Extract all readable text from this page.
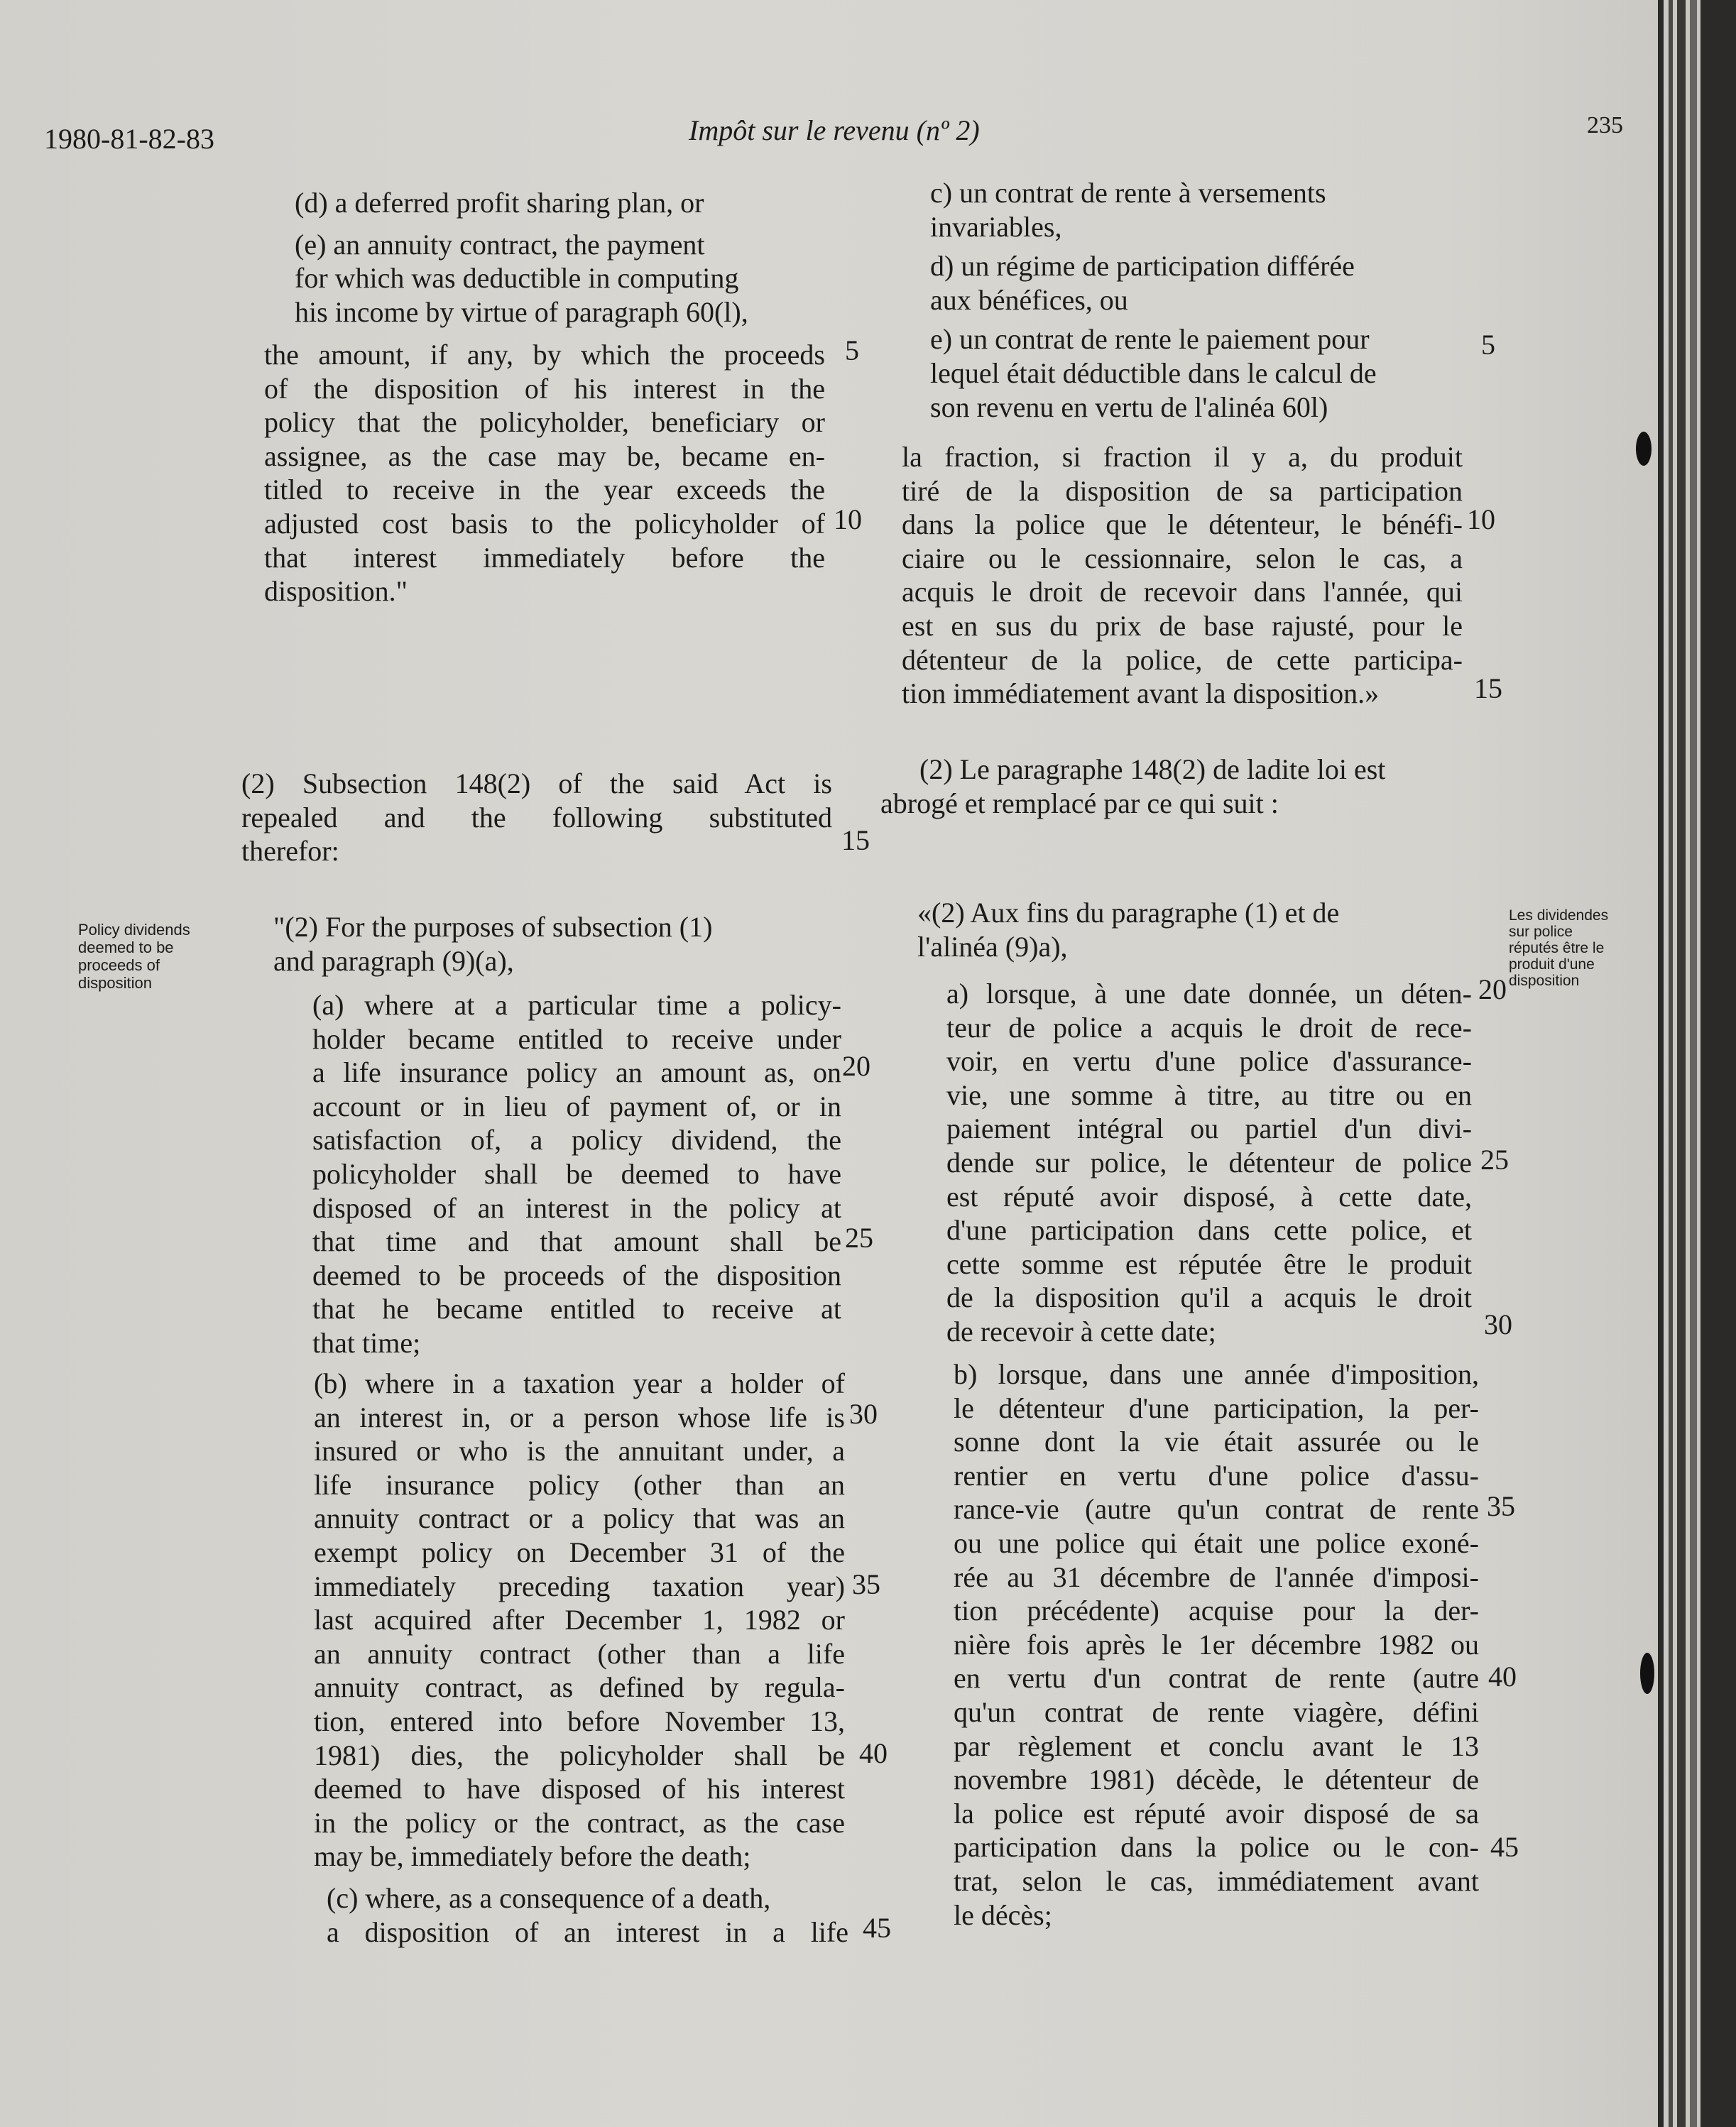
1980-81-82-83	Impôt sur le revenu (nº 2)	235
(d) a deferred profit sharing plan, or
(e) an annuity contract, the payment
for which was deductible in computing
his income by virtue of paragraph 60(l),
the amount, if any, by which the proceeds
of the disposition of his interest in the
policy that the policyholder, beneficiary or
assignee, as the case may be, became en-
titled to receive in the year exceeds the
adjusted cost basis to the policyholder of
that interest immediately before the
disposition."
(2) Subsection 148(2) of the said Act is
repealed and the following substituted
therefor:
"(2) For the purposes of subsection (1)
and paragraph (9)(a),
(a) where at a particular time a policy-
holder became entitled to receive under
a life insurance policy an amount as, on
account or in lieu of payment of, or in
satisfaction of, a policy dividend, the
policyholder shall be deemed to have
disposed of an interest in the policy at
that time and that amount shall be
deemed to be proceeds of the disposition
that he became entitled to receive at
that time;
(b) where in a taxation year a holder of
an interest in, or a person whose life is
insured or who is the annuitant under, a
life insurance policy (other than an
annuity contract or a policy that was an
exempt policy on December 31 of the
immediately preceding taxation year)
last acquired after December 1, 1982 or
an annuity contract (other than a life
annuity contract, as defined by regula-
tion, entered into before November 13,
1981) dies, the policyholder shall be
deemed to have disposed of his interest
in the policy or the contract, as the case
may be, immediately before the death;
(c) where, as a consequence of a death,
a disposition of an interest in a life
5
10
15
20
25
30
35
40
45
Policy dividends
deemed to be
proceeds of
disposition
c) un contrat de rente à versements
invariables,
d) un régime de participation différée
aux bénéfices, ou
e) un contrat de rente le paiement pour
lequel était déductible dans le calcul de
son revenu en vertu de l'alinéa 60l)
la fraction, si fraction il y a, du produit
tiré de la disposition de sa participation
dans la police que le détenteur, le bénéfi-
ciaire ou le cessionnaire, selon le cas, a
acquis le droit de recevoir dans l'année, qui
est en sus du prix de base rajusté, pour le
détenteur de la police, de cette participa-
tion immédiatement avant la disposition.»
(2) Le paragraphe 148(2) de ladite loi est
abrogé et remplacé par ce qui suit :
«(2) Aux fins du paragraphe (1) et de
l'alinéa (9)a),
a) lorsque, à une date donnée, un déten-
teur de police a acquis le droit de rece-
voir, en vertu d'une police d'assurance-
vie, une somme à titre, au titre ou en
paiement intégral ou partiel d'un divi-
dende sur police, le détenteur de police
est réputé avoir disposé, à cette date,
d'une participation dans cette police, et
cette somme est réputée être le produit
de la disposition qu'il a acquis le droit
de recevoir à cette date;
b) lorsque, dans une année d'imposition,
le détenteur d'une participation, la per-
sonne dont la vie était assurée ou le
rentier en vertu d'une police d'assu-
rance-vie (autre qu'un contrat de rente
ou une police qui était une police exoné-
rée au 31 décembre de l'année d'imposi-
tion précédente) acquise pour la der-
nière fois après le 1er décembre 1982 ou
en vertu d'un contrat de rente (autre
qu'un contrat de rente viagère, défini
par règlement et conclu avant le 13
novembre 1981) décède, le détenteur de
la police est réputé avoir disposé de sa
participation dans la police ou le con-
trat, selon le cas, immédiatement avant
le décès;
5
10
15
20
25
30
35
40
45
Les dividendes
sur police
réputés être le
produit d'une
disposition
